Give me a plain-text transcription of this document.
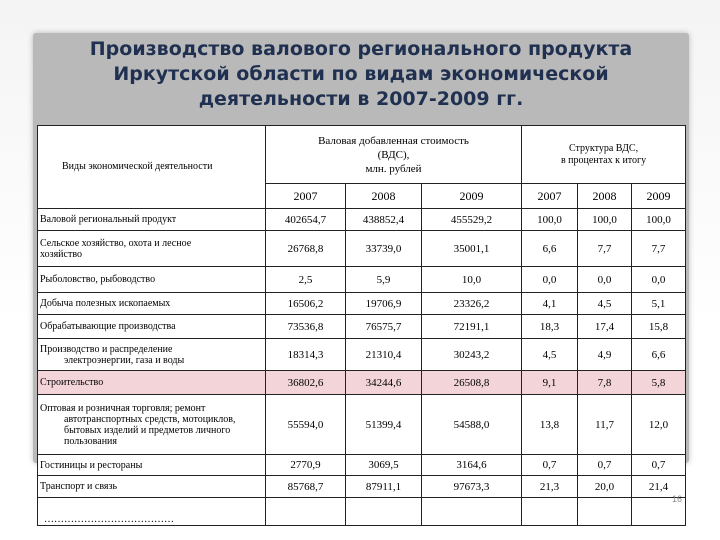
Производство валового регионального продукта
Иркутской области по видам экономической
деятельности в 2007-2009 гг.
Виды экономической деятельности	Валовая добавленная стоимость
(ВДС),
млн. рублей			Структура ВДС,
в процентах к итогу		

	2007	2008	2009	2007	2008	2009
Валовой региональный продукт	402654,7	438852,4	455529,2	100,0	100,0	100,0

Сельское хозяйство, охота и лесное
хозяйство	26768,8	33739,0	35001,1	6,6	7,7	7,7
Рыболовство, рыбоводство	2,5	5,9	10,0	0,0	0,0	0,0
Добыча полезных ископаемых	16506,2	19706,9	23326,2	4,1	4,5	5,1
Обрабатывающие производства	73536,8	76575,7	72191,1	18,3	17,4	15,8

Производство и распределение
электроэнергии, газа и воды	18314,3	21310,4	30243,2	4,5	4,9	6,6
Строительство	36802,6	34244,6	26508,8	9,1	7,8	5,8

Оптовая и розничная торговля; ремонт
автотранспортных средств, мотоциклов, бытовых изделий и предметов личного пользования	55594,0	51399,4	54588,0	13,8	11,7	12,0
Гостиницы и рестораны	2770,9	3069,5	3164,6	0,7	0,7	0,7
Транспорт и связь	85768,7	87911,1	97673,3	21,3	20,0	21,4
…………………………………						
16
